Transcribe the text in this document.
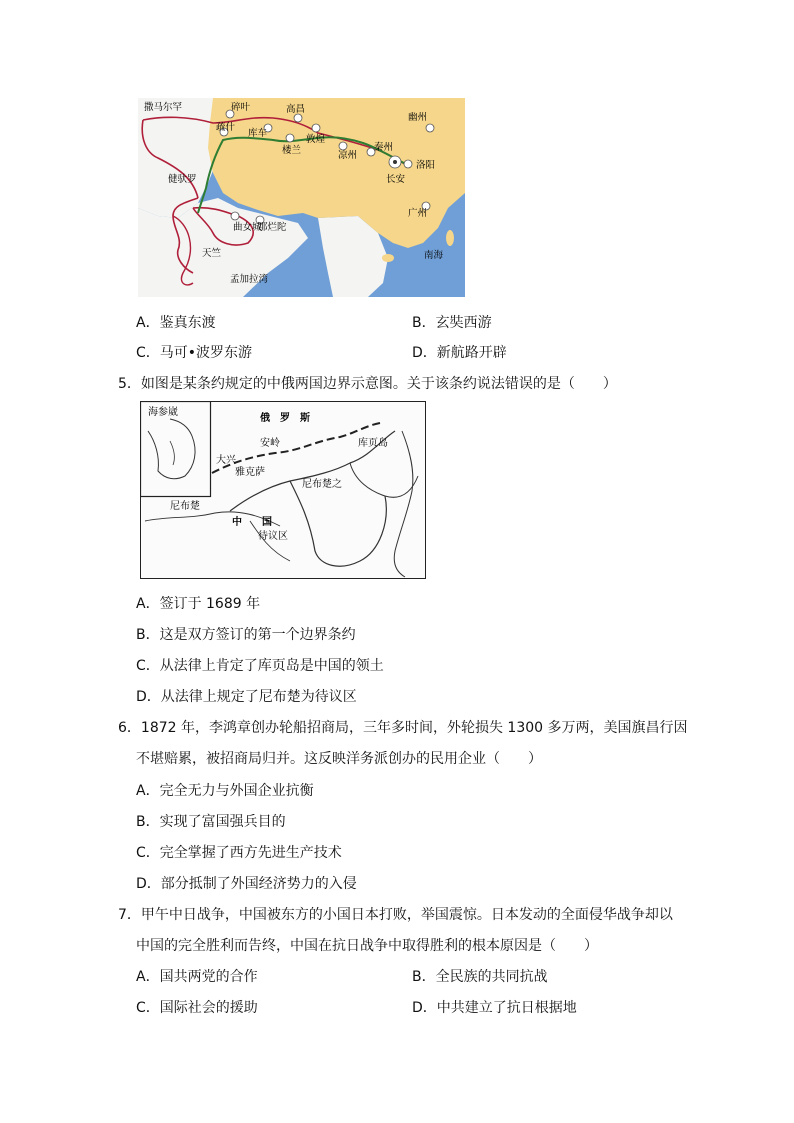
撒马尔罕	碎叶	高昌
幽州
疏什
库车
敦煌
楼兰	凉州
秦州
洛阳
长安
健驮罗
曲女城
那烂陀
广州
天竺	南海
孟加拉湾
A．鉴真东渡	B．玄奘西游
C．马可•波罗东游	D．新航路开辟
5．如图是某条约规定的中俄两国边界示意图。关于该条约说法错误的是（　　）
海参崴
俄　罗　斯
中　　国
安岭
大兴
库页岛
尼布楚
尼布楚之
雅克萨
待议区
A．签订于 1689 年
B．这是双方签订的第一个边界条约
C．从法律上肯定了库页岛是中国的领土
D．从法律上规定了尼布楚为待议区
6．1872 年，李鸿章创办轮船招商局，三年多时间，外轮损失 1300 多万两，美国旗昌行因
不堪赔累，被招商局归并。这反映洋务派创办的民用企业（　　）
A．完全无力与外国企业抗衡
B．实现了富国强兵目的
C．完全掌握了西方先进生产技术
D．部分抵制了外国经济势力的入侵
7．甲午中日战争，中国被东方的小国日本打败，举国震惊。日本发动的全面侵华战争却以
中国的完全胜利而告终，中国在抗日战争中取得胜利的根本原因是（　　）
A．国共两党的合作	B．全民族的共同抗战
C．国际社会的援助	D．中共建立了抗日根据地
